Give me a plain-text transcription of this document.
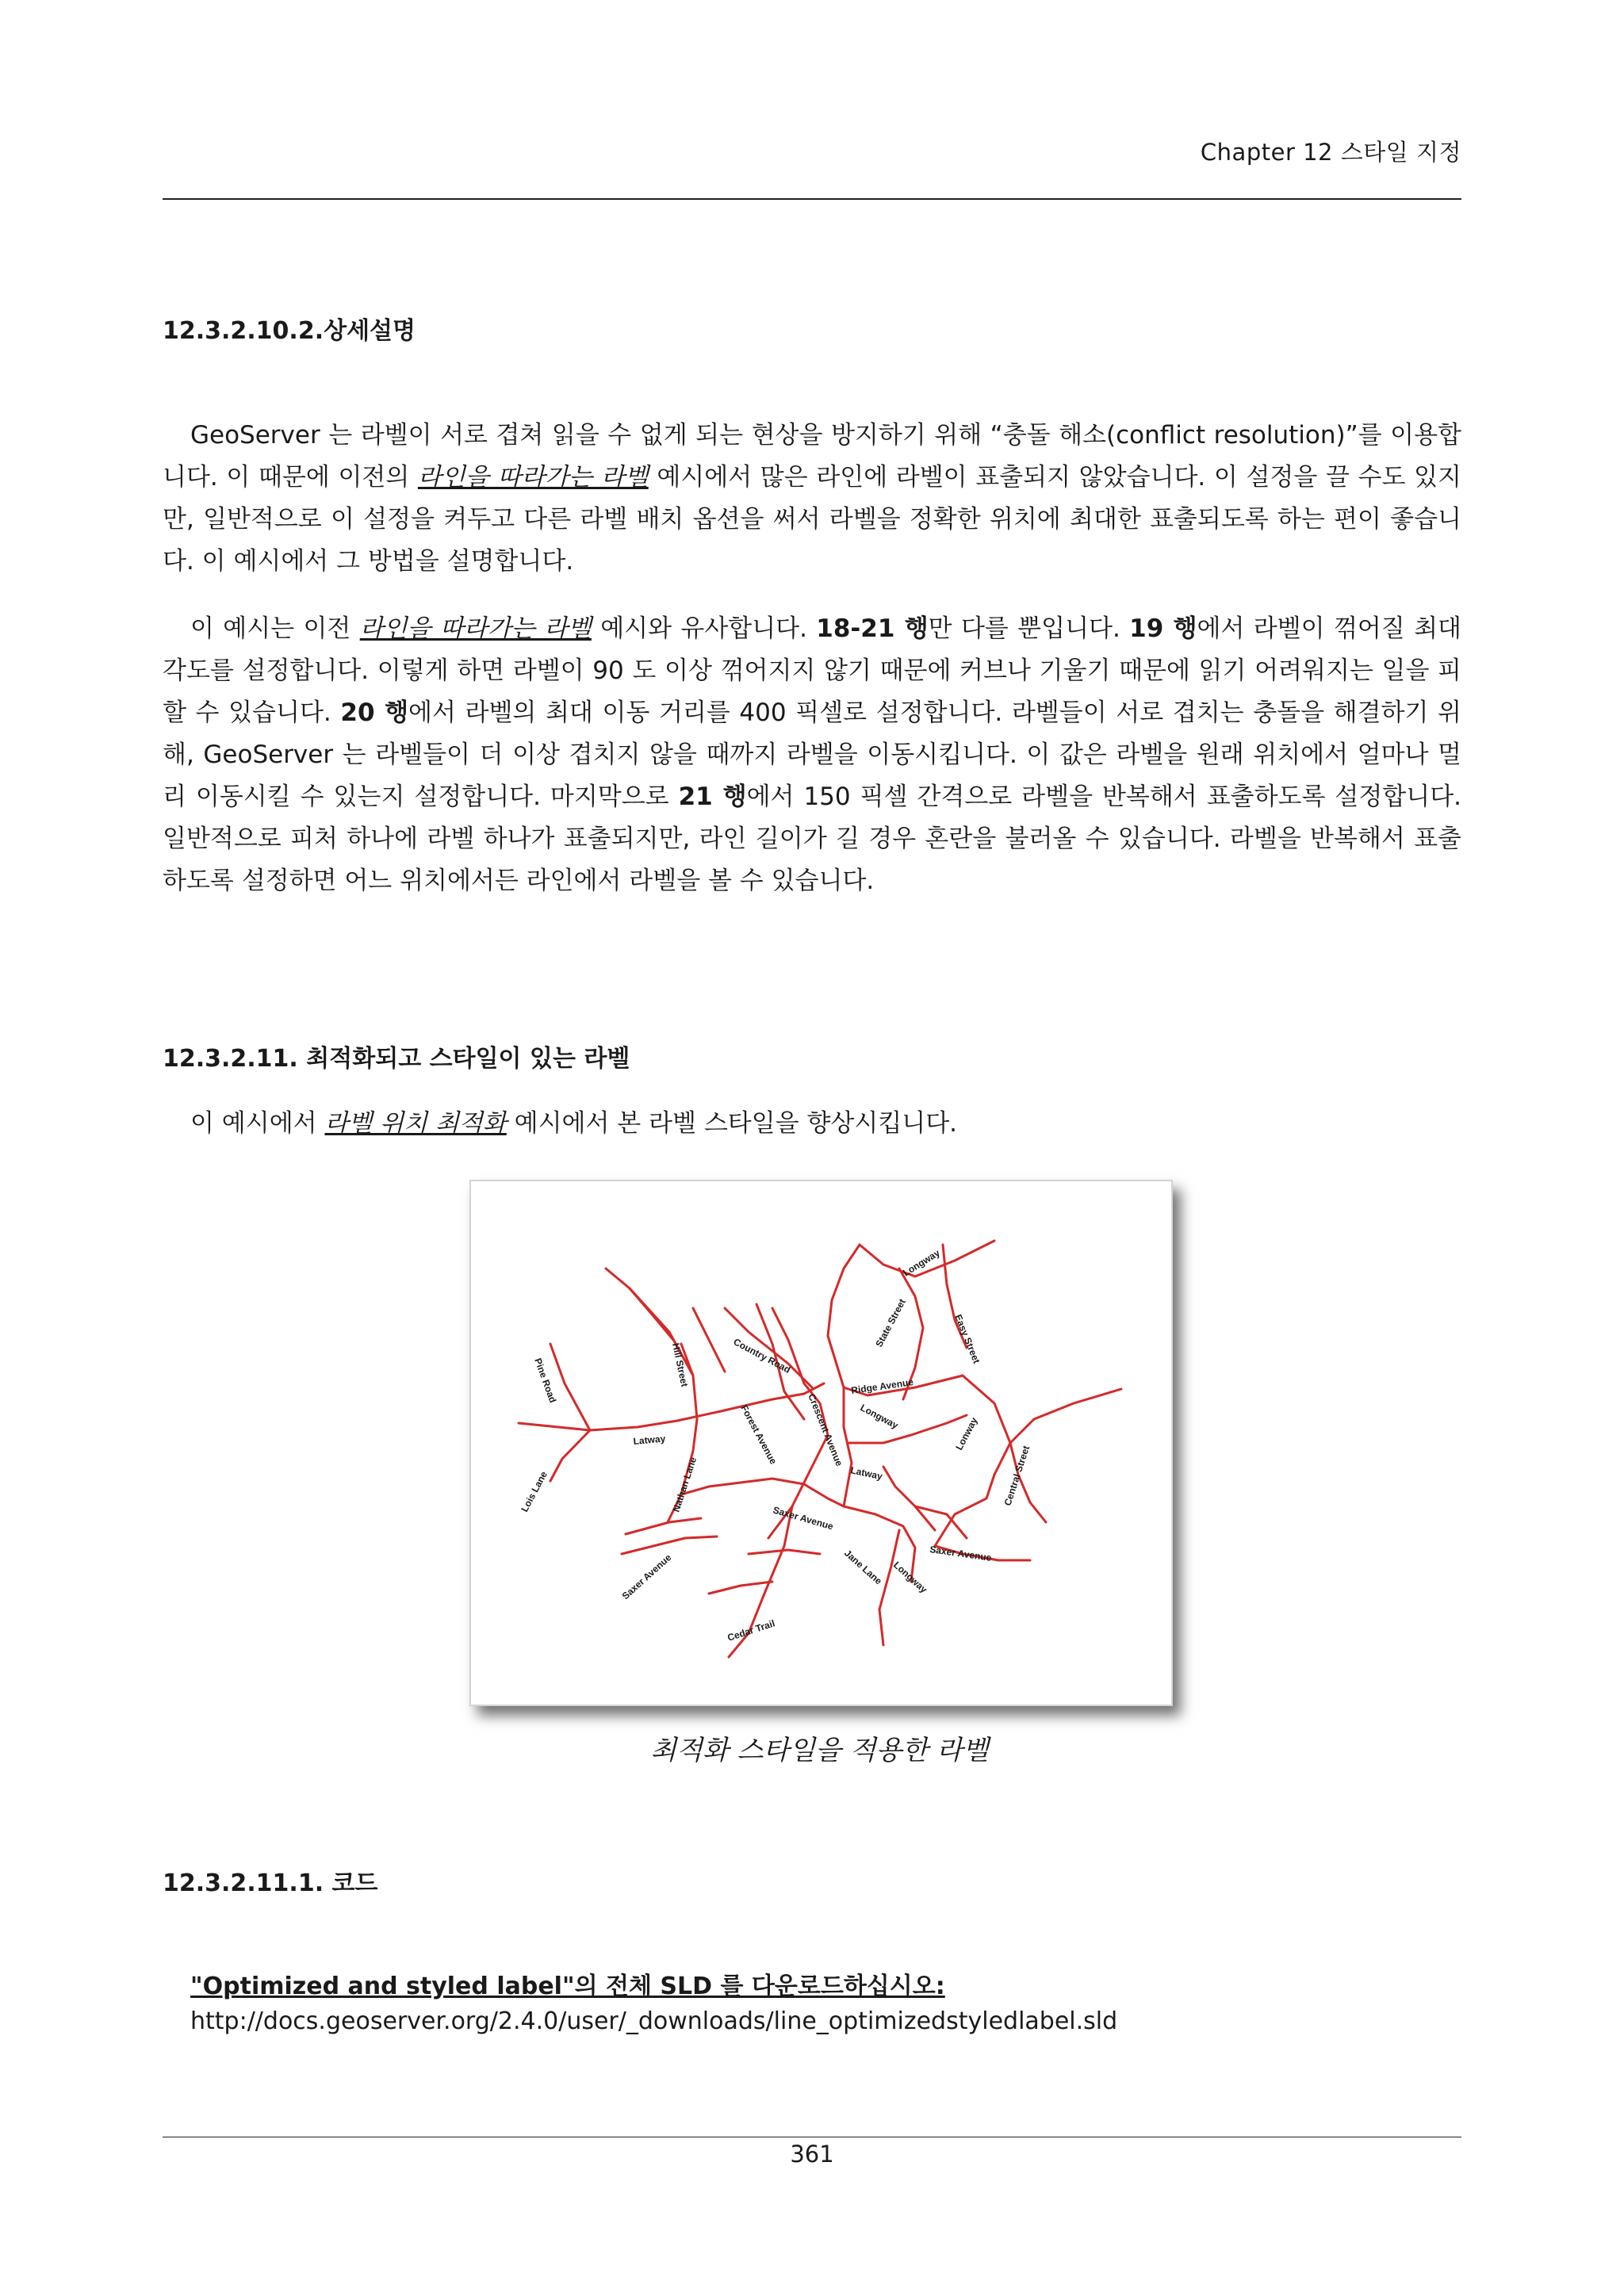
Chapter 12 스타일 지정
12.3.2.10.2.상세설명

GeoServer 는 라벨이 서로 겹쳐 읽을 수 없게 되는 현상을 방지하기 위해 “충돌 해소(conflict resolution)”를 이용합니다. 이 때문에 이전의 라인을 따라가는 라벨 예시에서 많은 라인에 라벨이 표출되지 않았습니다. 이 설정을 끌 수도 있지만, 일반적으로 이 설정을 켜두고 다른 라벨 배치 옵션을 써서 라벨을 정확한 위치에 최대한 표출되도록 하는 편이 좋습니다. 이 예시에서 그 방법을 설명합니다.

이 예시는 이전 라인을 따라가는 라벨 예시와 유사합니다. 18-21 행만 다를 뿐입니다. 19 행에서 라벨이 꺾어질 최대 각도를 설정합니다. 이렇게 하면 라벨이 90 도 이상 꺾어지지 않기 때문에 커브나 기울기 때문에 읽기 어려워지는 일을 피할 수 있습니다. 20 행에서 라벨의 최대 이동 거리를 400 픽셀로 설정합니다. 라벨들이 서로 겹치는 충돌을 해결하기 위해, GeoServer 는 라벨들이 더 이상 겹치지 않을 때까지 라벨을 이동시킵니다. 이 값은 라벨을 원래 위치에서 얼마나 멀리 이동시킬 수 있는지 설정합니다. 마지막으로 21 행에서 150 픽셀 간격으로 라벨을 반복해서 표출하도록 설정합니다. 일반적으로 피처 하나에 라벨 하나가 표출되지만, 라인 길이가 길 경우 혼란을 불러올 수 있습니다. 라벨을 반복해서 표출하도록 설정하면 어느 위치에서든 라인에서 라벨을 볼 수 있습니다.

12.3.2.11. 최적화되고 스타일이 있는 라벨

이 예시에서 라벨 위치 최적화 예시에서 본 라벨 스타일을 향상시킵니다.

Longway
State Street	Easy Street
Country Road
Ridge Avenue
Longway	Lonway
Central Street
Pine Road	Hill Street
Forest Avenue	Crescent Avenue
Latway
Latway
Lois Lane	Nathan Lane
Saxer Avenue
Saxer Avenue	Saxer Avenue
Jane Lane Longway
Cedar Trail
최적화 스타일을 적용한 라벨
12.3.2.11.1. 코드
"Optimized and styled label"의 전체 SLD 를 다운로드하십시오:
http://docs.geoserver.org/2.4.0/user/_downloads/line_optimizedstyledlabel.sld
361
